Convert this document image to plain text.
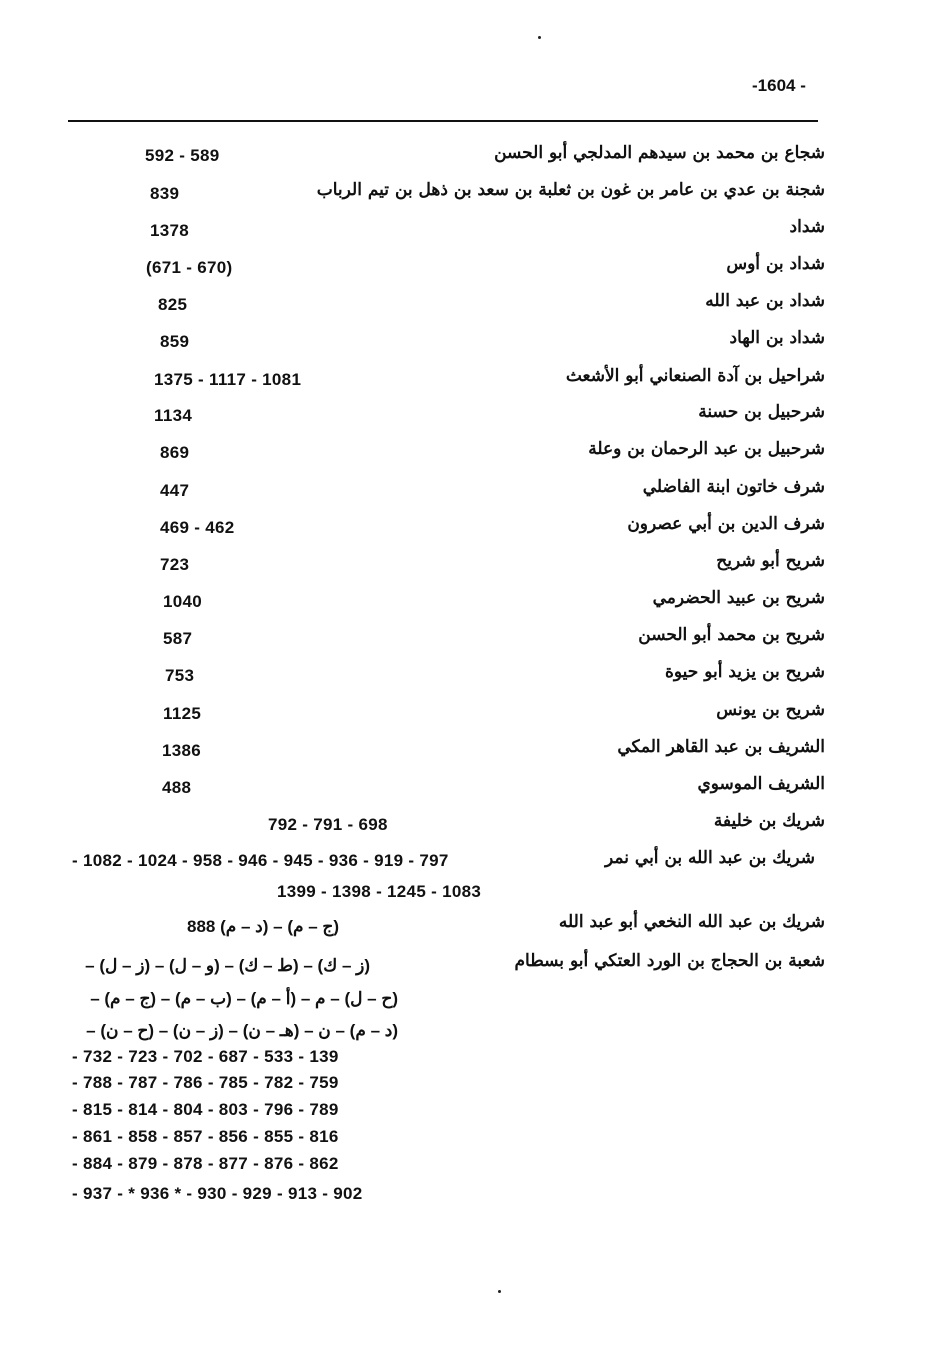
-1604 -
شجاع بن محمد بن سيدهم المدلجي أبو الحسن
592 - 589
شجنة بن عدي بن عامر بن غون بن ثعلبة بن سعد بن ذهل بن تيم الرباب
839
شداد
1378
شداد بن أوس
(671 - 670)
شداد بن عبد الله
825
شداد بن الهاد
859
شراحيل بن آدة الصنعاني أبو الأشعث
1375 - 1117 - 1081
شرحبيل بن حسنة
1134
شرحبيل بن عبد الرحمان بن وعلة
869
شرف خاتون ابنة الفاضلي
447
شرف الدين بن أبي عصرون
469 - 462
شريح أبو شريح
723
شريح بن عبيد الحضرمي
1040
شريح بن محمد أبو الحسن
587
شريح بن يزيد أبو حيوة
753
شريح بن يونس
1125
الشريف بن عبد القاهر المكي
1386
الشريف الموسوي
488
شريك بن خليفة
792 - 791 - 698
شريك بن عبد الله بن أبي نمر
- 1082 - 1024 - 958 - 946 - 945 - 936 - 919 - 797
1399 - 1398 - 1245 - 1083
شريك بن عبد الله النخعي أبو عبد الله
(ج – م) – (د – م) 888
شعبة بن الحجاج بن الورد العتكي أبو بسطام
(ز – ك) – (ط – ك) – (و – ل) – (ز – ل) –
(ح – ل) – م – (أ – م) – (ب – م) – (ج – م) –
(د – م) – ن – (هـ – ن) – (ز – ن) – (ح – ن) –
- 732 - 723 - 702 - 687 - 533 - 139
- 788 - 787 - 786 - 785 - 782 - 759
- 815 - 814 - 804 - 803 - 796 - 789
- 861 - 858 - 857 - 856 - 855 - 816
- 884 - 879 - 878 - 877 - 876 - 862
- 937 - * 936 * - 930 - 929 - 913 - 902
